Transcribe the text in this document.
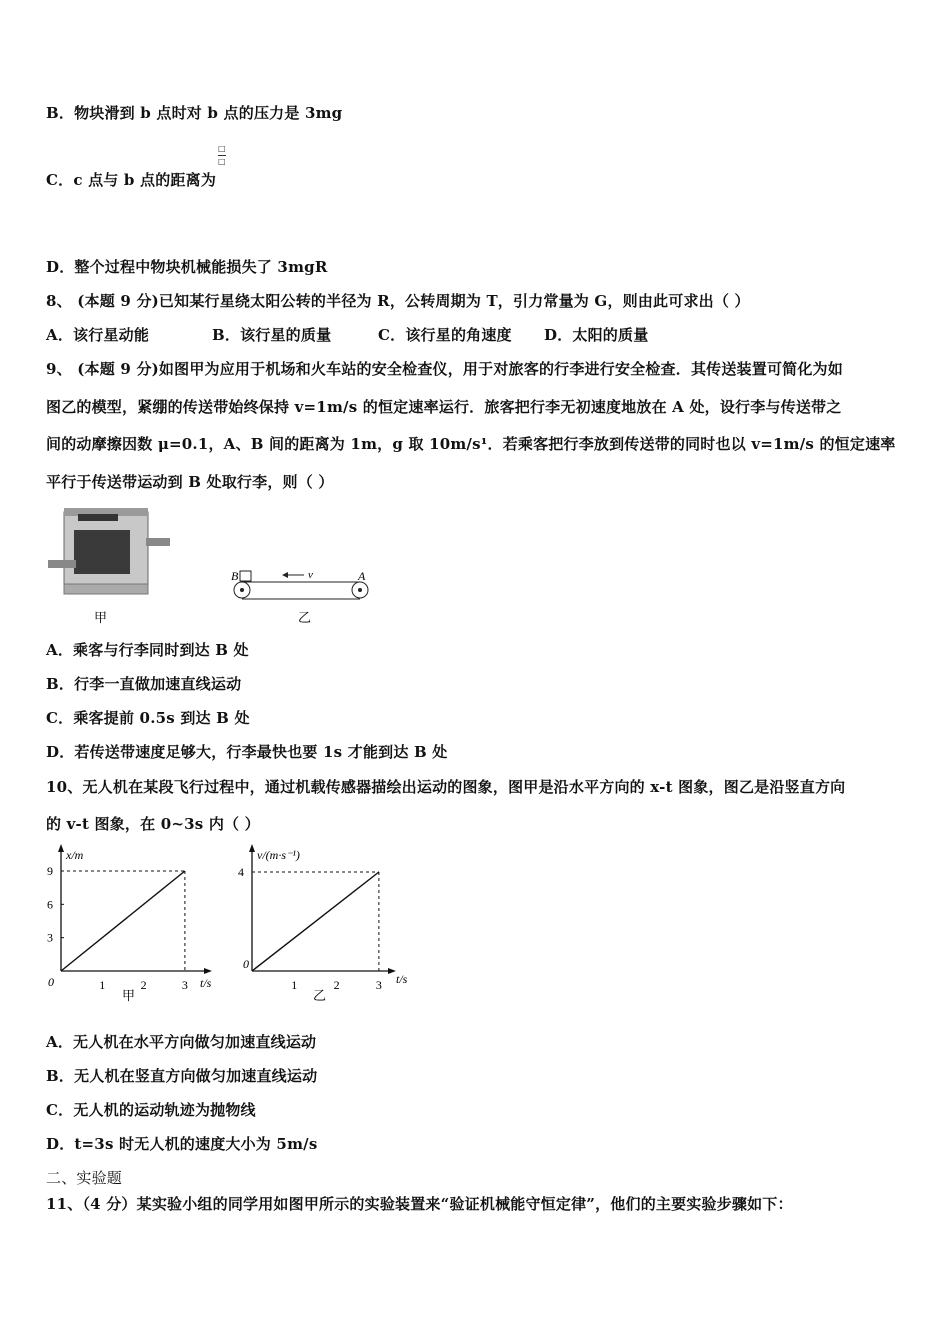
B．物块滑到 b 点时对 b 点的压力是 3mg
C．c 点与 b 点的距离为
□
□
D．整个过程中物块机械能损失了 3mgR
8、 (本题 9 分)已知某行星绕太阳公转的半径为 R，公转周期为 T，引力常量为 G，则由此可求出（ ）
A．该行星动能	B．该行星的质量	C．该行星的角速度 D．太阳的质量
9、 (本题 9 分)如图甲为应用于机场和火车站的安全检查仪，用于对旅客的行李进行安全检查．其传送装置可简化为如
图乙的模型，紧绷的传送带始终保持 v=1m/s 的恒定速率运行．旅客把行李无初速度地放在 A 处，设行李与传送带之
间的动摩擦因数 μ=0.1，A、B 间的距离为 1m，g 取 10m/s¹．若乘客把行李放到传送带的同时也以 v=1m/s 的恒定速率
平行于传送带运动到 B 处取行李，则（ ）
甲
B	A
v
乙
A．乘客与行李同时到达 B 处
B．行李一直做加速直线运动
C．乘客提前 0.5s 到达 B 处
D．若传送带速度足够大，行李最快也要 1s 才能到达 B 处
10、无人机在某段飞行过程中，通过机载传感器描绘出运动的图象，图甲是沿水平方向的 x-t 图象，图乙是沿竖直方向
的 v-t 图象，在 0~3s 内（ ）
x/m
t/s
0
甲
3
6
9
1	2	3
v/(m·s⁻¹)
t/s
0
乙
4
1	2	3
A．无人机在水平方向做匀加速直线运动
B．无人机在竖直方向做匀加速直线运动
C．无人机的运动轨迹为抛物线
D．t=3s 时无人机的速度大小为 5m/s
二、实验题
11、（4 分）某实验小组的同学用如图甲所示的实验装置来“验证机械能守恒定律”，他们的主要实验步骤如下：
